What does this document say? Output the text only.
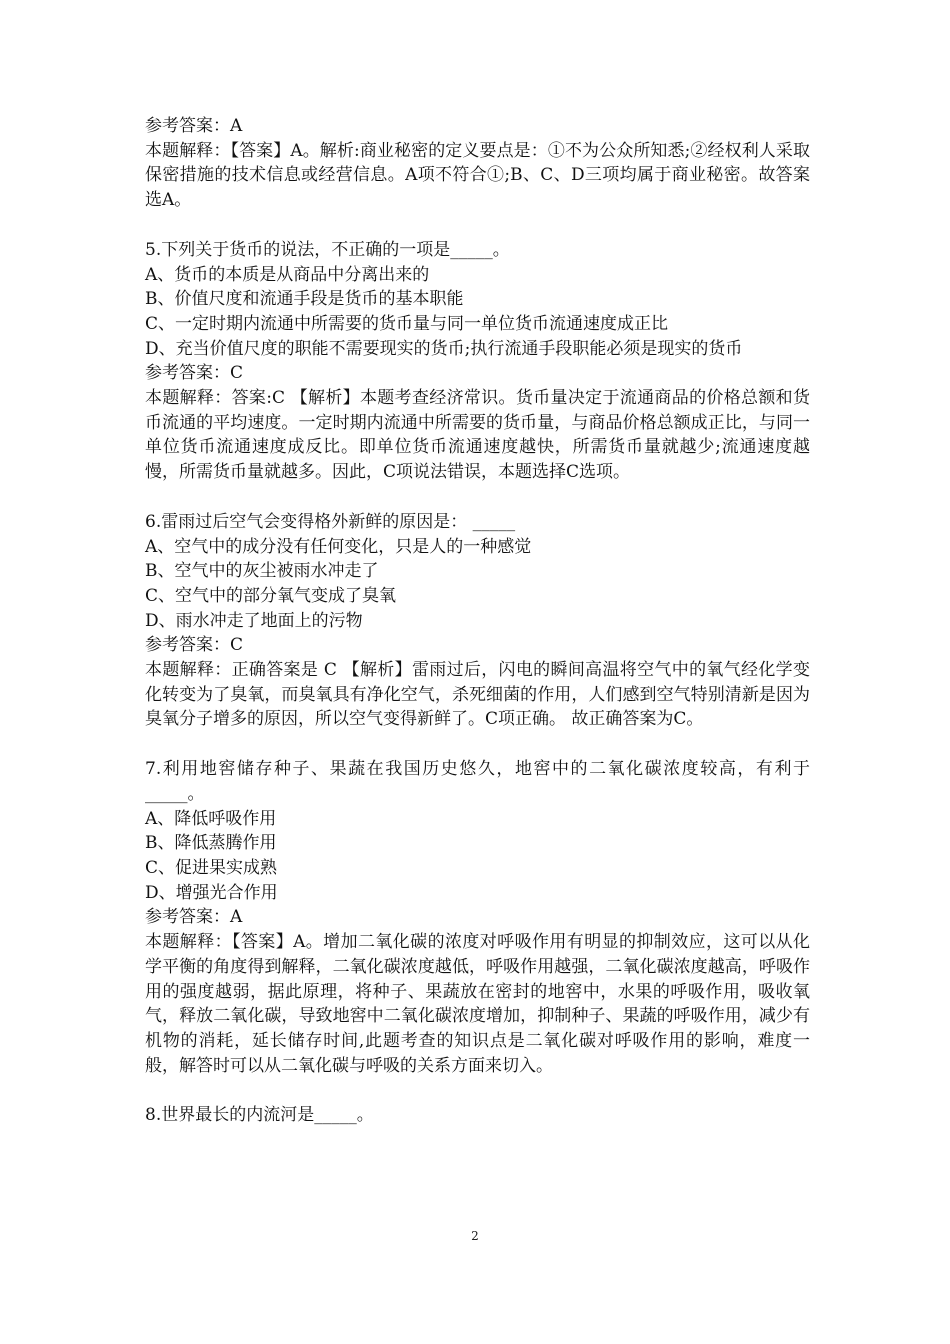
参考答案：A

本题解释：【答案】A。解析:商业秘密的定义要点是：①不为公众所知悉;②经权利人采取保密措施的技术信息或经营信息。A项不符合①;B、C、D三项均属于商业秘密。故答案选A。

5.下列关于货币的说法，不正确的一项是_____。

A、货币的本质是从商品中分离出来的

B、价值尺度和流通手段是货币的基本职能

C、一定时期内流通中所需要的货币量与同一单位货币流通速度成正比

D、充当价值尺度的职能不需要现实的货币;执行流通手段职能必须是现实的货币

参考答案：C

本题解释：答案:C 【解析】本题考查经济常识。货币量决定于流通商品的价格总额和货币流通的平均速度。一定时期内流通中所需要的货币量，与商品价格总额成正比，与同一单位货币流通速度成反比。即单位货币流通速度越快，所需货币量就越少;流通速度越慢，所需货币量就越多。因此，C项说法错误，本题选择C选项。

6.雷雨过后空气会变得格外新鲜的原因是： _____

A、空气中的成分没有任何变化，只是人的一种感觉

B、空气中的灰尘被雨水冲走了

C、空气中的部分氧气变成了臭氧

D、雨水冲走了地面上的污物

参考答案：C

本题解释：正确答案是 C 【解析】雷雨过后，闪电的瞬间高温将空气中的氧气经化学变化转变为了臭氧，而臭氧具有净化空气，杀死细菌的作用，人们感到空气特别清新是因为臭氧分子增多的原因，所以空气变得新鲜了。C项正确。 故正确答案为C。

7.利用地窖储存种子、果蔬在我国历史悠久，地窖中的二氧化碳浓度较高，有利于_____。

A、降低呼吸作用

B、降低蒸腾作用

C、促进果实成熟

D、增强光合作用

参考答案：A

本题解释：【答案】A。增加二氧化碳的浓度对呼吸作用有明显的抑制效应，这可以从化学平衡的角度得到解释，二氧化碳浓度越低，呼吸作用越强，二氧化碳浓度越高，呼吸作用的强度越弱，据此原理，将种子、果蔬放在密封的地窖中，水果的呼吸作用，吸收氧气，释放二氧化碳，导致地窖中二氧化碳浓度增加，抑制种子、果蔬的呼吸作用，减少有机物的消耗，延长储存时间,此题考查的知识点是二氧化碳对呼吸作用的影响，难度一般，解答时可以从二氧化碳与呼吸的关系方面来切入。

8.世界最长的内流河是_____。

2
